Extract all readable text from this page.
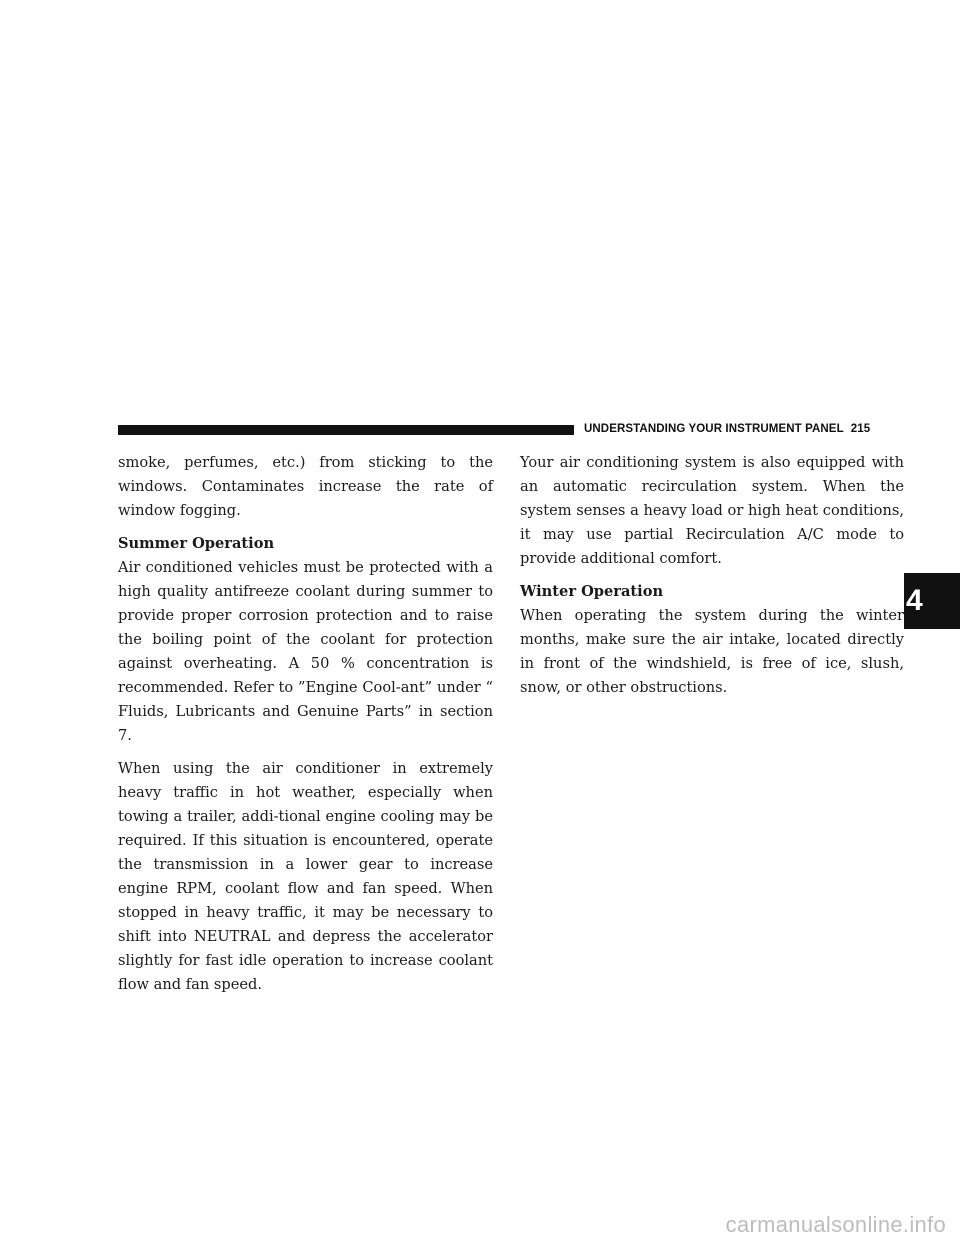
UNDERSTANDING YOUR INSTRUMENT PANEL 215

smoke, perfumes, etc.) from sticking to the windows. Contaminates increase the rate of window fogging.

Summer Operation

Air conditioned vehicles must be protected with a high quality antifreeze coolant during summer to provide proper corrosion protection and to raise the boiling point of the coolant for protection against overheating. A 50 % concentration is recommended. Refer to ”Engine Cool-ant” under “ Fluids, Lubricants and Genuine Parts” in section 7.

When using the air conditioner in extremely heavy traffic in hot weather, especially when towing a trailer, addi-tional engine cooling may be required. If this situation is encountered, operate the transmission in a lower gear to increase engine RPM, coolant flow and fan speed. When stopped in heavy traffic, it may be necessary to shift into NEUTRAL and depress the accelerator slightly for fast idle operation to increase coolant flow and fan speed.

Your air conditioning system is also equipped with an automatic recirculation system. When the system senses a heavy load or high heat conditions, it may use partial Recirculation A/C mode to provide additional comfort.

Winter Operation

When operating the system during the winter months, make sure the air intake, located directly in front of the windshield, is free of ice, slush, snow, or other obstructions.

4
carmanualsonline.info
